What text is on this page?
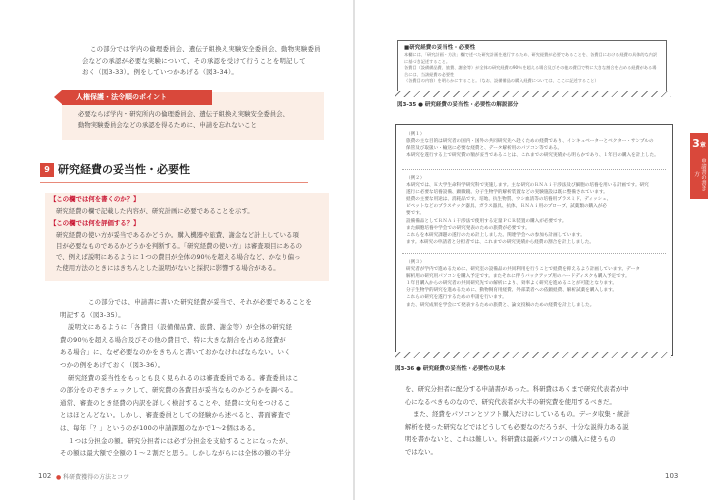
この部分では学内の倫理委員会、遺伝子組換え実験安全委員会、動物実験委員
会などの承認が必要な実験について、その承認を受けて行うことを明記して
おく（図3-33）。例をしていつかあげる（図3-34）。
人権保護・法令順のポイント
必要ならば学内・研究所内の倫理委員会、遺伝子組換え実験安全委員会、
動物実験委員会などの承認を得るために、申請を忘れないこと
9 研究経費の妥当性・必要性
【この欄では何を書くのか？】
研究経費の欄で記載した内容が、研究計画に必要であることを示す。
【この欄では何を評価する？】
研究経費の使い方が妥当であるかどうか。購入機器や旅費、謝金など計上している項
目が必要なものであるかどうかを判断する。「研究経費の使い方」は審査項目にあるの
で、例えば説明にあるように１つの費目が全体の90％を超える場合など、かなり偏っ
た使用方法のときにはきちんとした説明がないと採択に影響する場合がある。
この部分では、申請書に書いた研究経費が妥当で、それが必要であることを
明記する（図3-35）。
説明文にあるように「各費目（設備備品費、旅費、謝金等）が全体の研究経
費の90％を超える場合及びその他の費目で、特に大きな割合を占める経費が
ある場合」に、なぜ必要なのかをきちんと書いておかなければならない。いく
つかの例をあげておく（図3-36）。
研究経費の妥当性をもっとも良く見られるのは審査委員である。審査委員はこ
の部分をのぞきチェックして、研究費の各費目が妥当なものかどうかを調べる。
通常、審査のとき経費の内訳を詳しく検討することや、経費に文句をつけるこ
とはほとんどない。しかし、審査委員としての経験から述べると、書面審査で
は、毎年「？」というのが100の申請課題のなかで1～2個はある。
１つは分担金の額。研究分担者には必ず分担金を支給することになったが、
その額は最大額で全額の１～２割だと思う。しかしながらには全体の額の半分
102 ● 科研費獲得の方法とコツ
■研究経費の妥当性・必要性
本欄には、「研究計画・方法」欄で述べた研究計画を遂行するため、研究経費が必要であることを、各費目における経費の具体的な内訳に基づき記述すること。
各費目（設備備品費、旅費、謝金等）が全体の研究経費の90％を超える場合及びその他の費目で特に大きな割合を占める経費がある場合には、当該経費の必要性
（各費目の内容）を明らかにすること。（なお、設備備品の購入経費については、ここに記述すること）
図3-35 ● 研究経費の妥当性・必要性の解説部分
（例１）
旅費の主な目的は研究者の国内・国外の共同研究先へ赴くための経費であり、インキュベーターとベクター・サンプルの
保管及び取扱い・輸送に必要な経費と、データ解析用のパソコン等である。
本研究を遂行する上で研究費の額が妥当であることは、これまでの研究実績から明らかであり、１年目の購入を計上した。
（例２）
本研究では、Ｋ大学生命科学研究科で実施します。主な研究のＲＮＡｉ干渉法及び細胞の培養を用いる計画です。研究
遂行に必要な培養設備、顕微鏡、分子生物学的解析装置などの実験施設は既に整備されています。
経費の主要な用途は、消耗品です。培地、抗生物質、ウシ血清等の培養用プラスミド、ディッシュ、
ピペットなどのプラスチック器具、ガラス器具、抗体、ＲＮＡｉ用のプローブ、試薬類の購入が必
要です。
設備備品としてＲＮＡｉ干渉法で使用する定量ＰＣＲ装置の購入が必要です。
また細胞培養や学会での研究発表のための旅費が必要です。
これらを本研究課題の遂行のため計上しました。関連学会への参加も計画しています。
ます。本研究の申請者と分担者では、これまでの研究実績から経費の割合を計上しました。
（例３）
研究者が学内で進めるために、研究室の設備品の共同利用を行うことで経費を抑えるよう計画しています。データ
解析用の研究用パソコンを購入予定です。またそれに伴うバックアップ用のハードディスクも購入予定です。
１年目購入からの研究者の共同研究先での解析により、効率よく研究を進めることが可能となります。
分子生物学的研究を進めるために、動物飼育用経費、外部業者への依頼経費、解析試薬を購入します。
これらの研究を遂行するための申請を行います。
また、研究成果を学会にて発表するための旅費と、論文投稿のための経費を計上しました。
図3-36 ● 研究経費の妥当性・必要性の見本
を、研究分担者に配分する申請書があった。科研費はあくまで研究代表者が中
心になるべきものなので、研究代表者が大半の研究費を使用するべきだ。
また、経費をパソコンとソフト購入だけにしているもの。データ収集・統計
解析を使った研究などではどうしても必要なのだろうが、十分な説得力ある説
明を書かないと、これは難しい。科研費は最新パソコンの購入に使うもの
ではない。
3章
申請書の書き方
103
